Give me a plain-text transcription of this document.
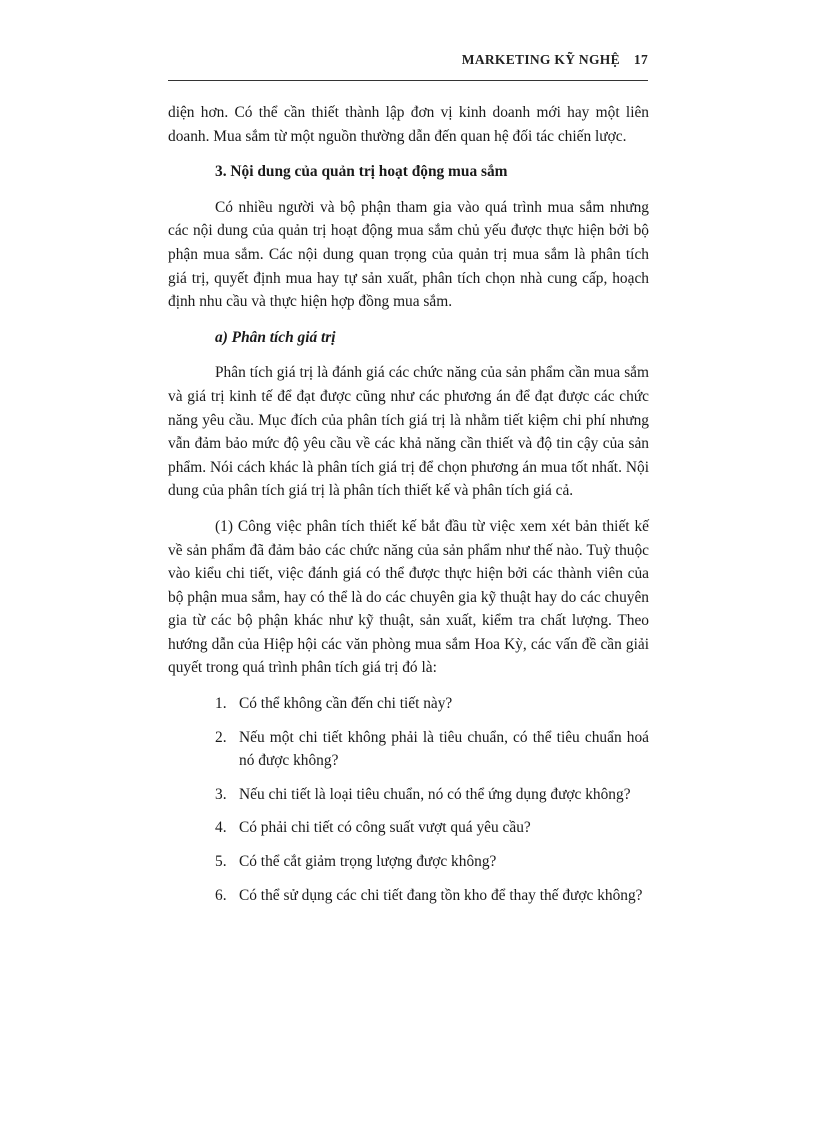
MARKETING KỸ NGHỆ 17

diện hơn. Có thể cần thiết thành lập đơn vị kinh doanh mới hay một liên doanh. Mua sắm từ một nguồn thường dẫn đến quan hệ đối tác chiến lược.

3. Nội dung của quản trị hoạt động mua sắm

Có nhiều người và bộ phận tham gia vào quá trình mua sắm nhưng các nội dung của quản trị hoạt động mua sắm chủ yếu được thực hiện bởi bộ phận mua sắm. Các nội dung quan trọng của quản trị mua sắm là phân tích giá trị, quyết định mua hay tự sản xuất, phân tích chọn nhà cung cấp, hoạch định nhu cầu và thực hiện hợp đồng mua sắm.

a) Phân tích giá trị

Phân tích giá trị là đánh giá các chức năng của sản phẩm cần mua sắm và giá trị kinh tế để đạt được cũng như các phương án để đạt được các chức năng yêu cầu. Mục đích của phân tích giá trị là nhằm tiết kiệm chi phí nhưng vẫn đảm bảo mức độ yêu cầu về các khả năng cần thiết và độ tin cậy của sản phẩm. Nói cách khác là phân tích giá trị để chọn phương án mua tốt nhất. Nội dung của phân tích giá trị là phân tích thiết kế và phân tích giá cả.

(1) Công việc phân tích thiết kế bắt đầu từ việc xem xét bản thiết kế về sản phẩm đã đảm bảo các chức năng của sản phẩm như thế nào. Tuỳ thuộc vào kiểu chi tiết, việc đánh giá có thể được thực hiện bởi các thành viên của bộ phận mua sắm, hay có thể là do các chuyên gia kỹ thuật hay do các chuyên gia từ các bộ phận khác như kỹ thuật, sản xuất, kiểm tra chất lượng. Theo hướng dẫn của Hiệp hội các văn phòng mua sắm Hoa Kỳ, các vấn đề cần giải quyết trong quá trình phân tích giá trị đó là:

1. Có thể không cần đến chi tiết này?
2. Nếu một chi tiết không phải là tiêu chuẩn, có thể tiêu chuẩn hoá nó được không?
3. Nếu chi tiết là loại tiêu chuẩn, nó có thể ứng dụng được không?
4. Có phải chi tiết có công suất vượt quá yêu cầu?
5. Có thể cắt giảm trọng lượng được không?
6. Có thể sử dụng các chi tiết đang tồn kho để thay thế được không?
